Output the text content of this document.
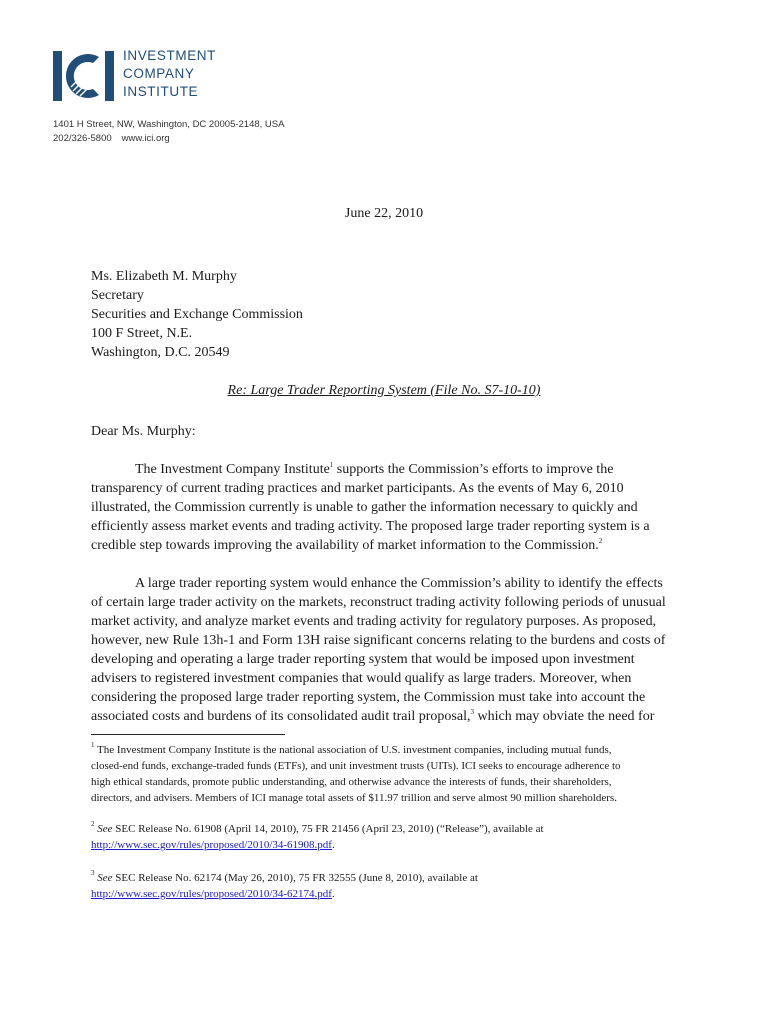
INVESTMENT
COMPANY
INSTITUTE
1401 H Street, NW, Washington, DC 20005-2148, USA
202/326-5800 www.ici.org
June 22, 2010
Ms. Elizabeth M. Murphy
Secretary
Securities and Exchange Commission
100 F Street, N.E.
Washington, D.C. 20549
Re: Large Trader Reporting System (File No. S7-10-10)
Dear Ms. Murphy:
The Investment Company Institute$^1$ supports the Commission’s efforts to improve the
transparency of current trading practices and market participants. As the events of May 6, 2010
illustrated, the Commission currently is unable to gather the information necessary to quickly and
efficiently assess market events and trading activity. The proposed large trader reporting system is a
credible step towards improving the availability of market information to the Commission.$^2$
A large trader reporting system would enhance the Commission’s ability to identify the effects
of certain large trader activity on the markets, reconstruct trading activity following periods of unusual
market activity, and analyze market events and trading activity for regulatory purposes. As proposed,
however, new Rule 13h-1 and Form 13H raise significant concerns relating to the burdens and costs of
developing and operating a large trader reporting system that would be imposed upon investment
advisers to registered investment companies that would qualify as large traders. Moreover, when
considering the proposed large trader reporting system, the Commission must take into account the
associated costs and burdens of its consolidated audit trail proposal,$^3$ which may obviate the need for
$^1$ The Investment Company Institute is the national association of U.S. investment companies, including mutual funds,
closed-end funds, exchange-traded funds (ETFs), and unit investment trusts (UITs). ICI seeks to encourage adherence to
high ethical standards, promote public understanding, and otherwise advance the interests of funds, their shareholders,
directors, and advisers. Members of ICI manage total assets of $11.97 trillion and serve almost 90 million shareholders.
$^2$ See SEC Release No. 61908 (April 14, 2010), 75 FR 21456 (April 23, 2010) (“Release”), available at
http://www.sec.gov/rules/proposed/2010/34-61908.pdf.
$^3$ See SEC Release No. 62174 (May 26, 2010), 75 FR 32555 (June 8, 2010), available at
http://www.sec.gov/rules/proposed/2010/34-62174.pdf.
